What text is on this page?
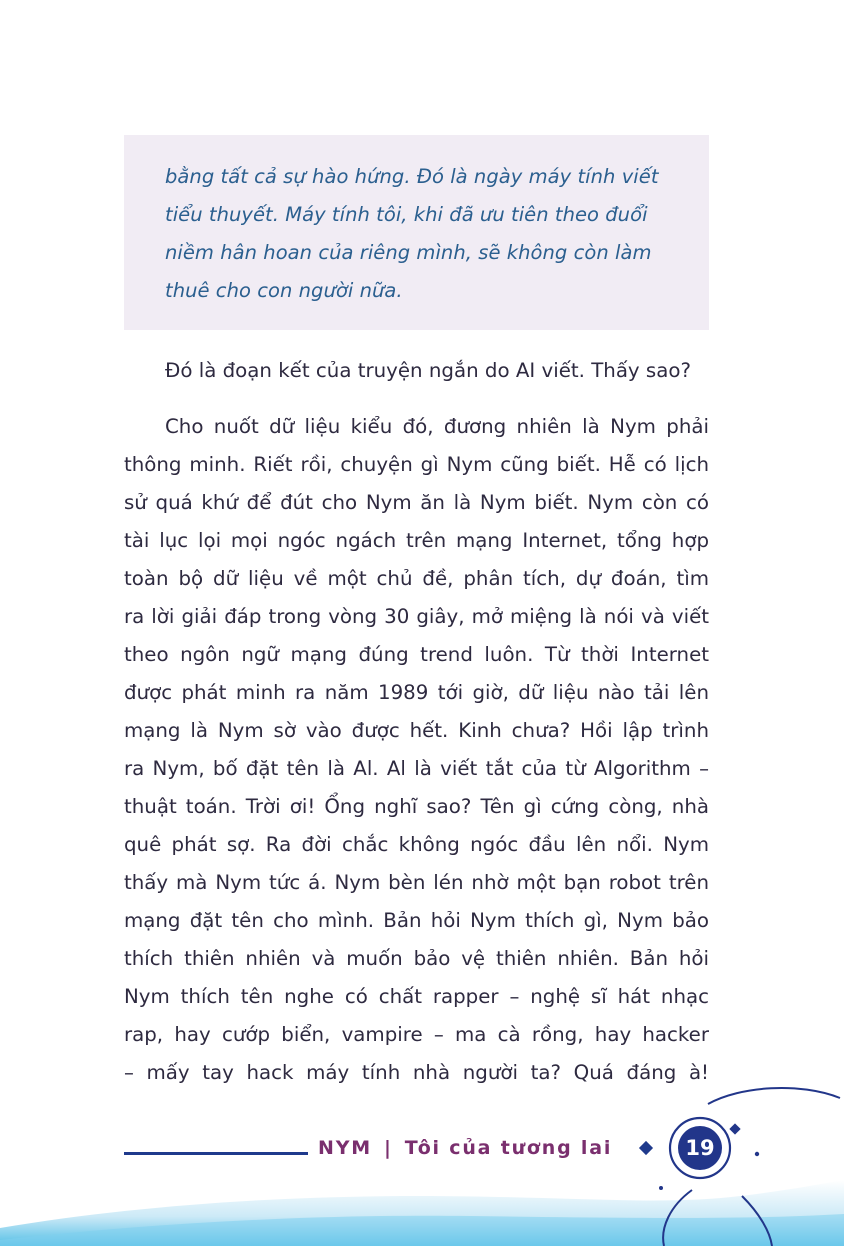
bằng tất cả sự hào hứng. Đó là ngày máy tính viết
tiểu thuyết. Máy tính tôi, khi đã ưu tiên theo đuổi
niềm hân hoan của riêng mình, sẽ không còn làm
thuê cho con người nữa.
Đó là đoạn kết của truyện ngắn do AI viết. Thấy sao?
Cho nuốt dữ liệu kiểu đó, đương nhiên là Nym phải
thông minh. Riết rồi, chuyện gì Nym cũng biết. Hễ có lịch
sử quá khứ để đút cho Nym ăn là Nym biết. Nym còn có
tài lục lọi mọi ngóc ngách trên mạng Internet, tổng hợp
toàn bộ dữ liệu về một chủ đề, phân tích, dự đoán, tìm
ra lời giải đáp trong vòng 30 giây, mở miệng là nói và viết
theo ngôn ngữ mạng đúng trend luôn. Từ thời Internet
được phát minh ra năm 1989 tới giờ, dữ liệu nào tải lên
mạng là Nym sờ vào được hết. Kinh chưa? Hồi lập trình
ra Nym, bố đặt tên là Al. Al là viết tắt của từ Algorithm –
thuật toán. Trời ơi! Ổng nghĩ sao? Tên gì cứng còng, nhà
quê phát sợ. Ra đời chắc không ngóc đầu lên nổi. Nym
thấy mà Nym tức á. Nym bèn lén nhờ một bạn robot trên
mạng đặt tên cho mình. Bản hỏi Nym thích gì, Nym bảo
thích thiên nhiên và muốn bảo vệ thiên nhiên. Bản hỏi
Nym thích tên nghe có chất rapper – nghệ sĩ hát nhạc
rap, hay cướp biển, vampire – ma cà rồng, hay hacker
– mấy tay hack máy tính nhà người ta? Quá đáng à!
NYM | Tôi của tương lai	19
